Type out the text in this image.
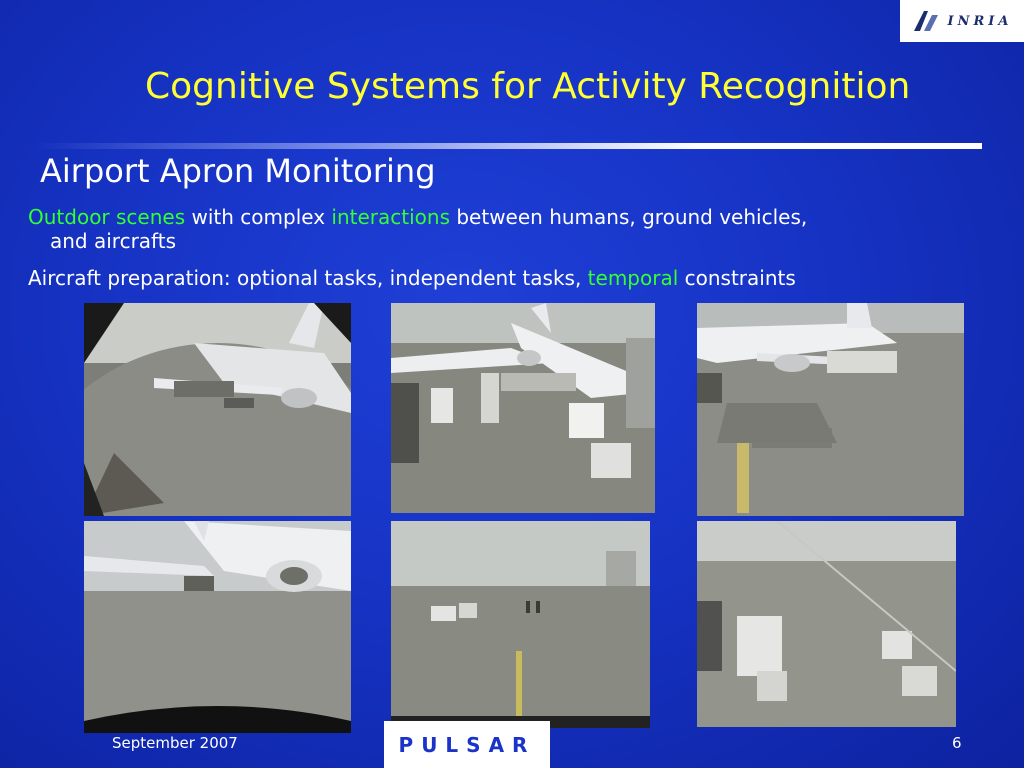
INRIA
Cognitive Systems for Activity Recognition
Airport Apron Monitoring
Outdoor scenes with complex interactions between humans, ground vehicles,
and aircrafts
Aircraft preparation: optional tasks, independent tasks, temporal constraints
September 2007	PULSAR	6
